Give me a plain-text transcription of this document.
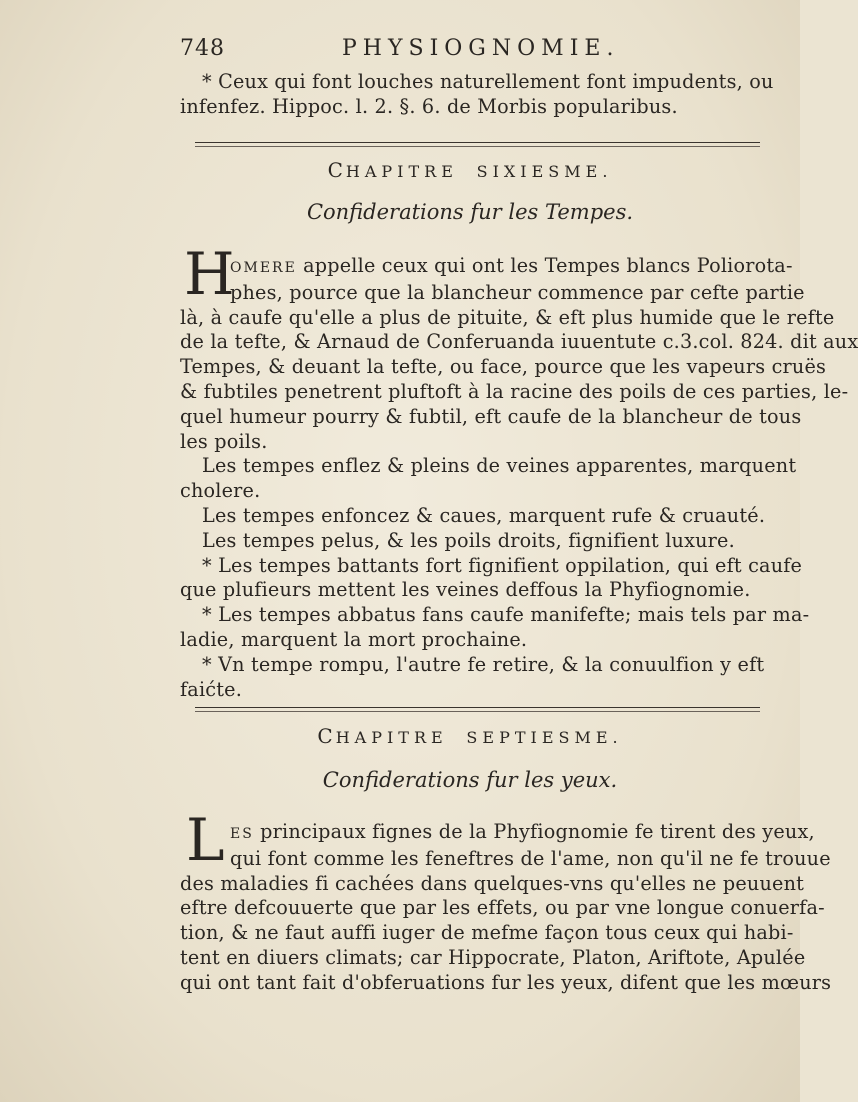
748	PHYSIOGNOMIE.
* Ceux qui font louches naturellement font impudents, ou
infenfez. Hippoc. l. 2. §. 6. de Morbis popularibus.
CHAPITRE SIXIESME.
Confiderations fur les Tempes.
H
OMERE appelle ceux qui ont les Tempes blancs Poliorota-
phes, pource que la blancheur commence par cefte partie
là, à caufe qu'elle a plus de pituite, & eft plus humide que le refte
de la tefte, & Arnaud de Conferuanda iuuentute c.3.col. 824. dit aux
Tempes, & deuant la tefte, ou face, pource que les vapeurs cruës
& fubtiles penetrent pluftoft à la racine des poils de ces parties, le-
quel humeur pourry & fubtil, eft caufe de la blancheur de tous
les poils.
Les tempes enflez & pleins de veines apparentes, marquent
cholere.
Les tempes enfoncez & caues, marquent rufe & cruauté.
Les tempes pelus, & les poils droits, fignifient luxure.
* Les tempes battants fort fignifient oppilation, qui eft caufe
que plufieurs mettent les veines deffous la Phyfiognomie.
* Les tempes abbatus fans caufe manifefte; mais tels par ma-
ladie, marquent la mort prochaine.
* Vn tempe rompu, l'autre fe retire, & la conuulfion y eft
faićte.
CHAPITRE SEPTIESME.
Confiderations fur les yeux.
L ES principaux fignes de la Phyfiognomie fe tirent des yeux,
qui font comme les feneftres de l'ame, non qu'il ne fe trouue
des maladies fi cachées dans quelques-vns qu'elles ne peuuent
eftre defcouuerte que par les effets, ou par vne longue conuerfa-
tion, & ne faut auffi iuger de mefme façon tous ceux qui habi-
tent en diuers climats; car Hippocrate, Platon, Ariftote, Apulée
qui ont tant fait d'obferuations fur les yeux, difent que les mœurs
